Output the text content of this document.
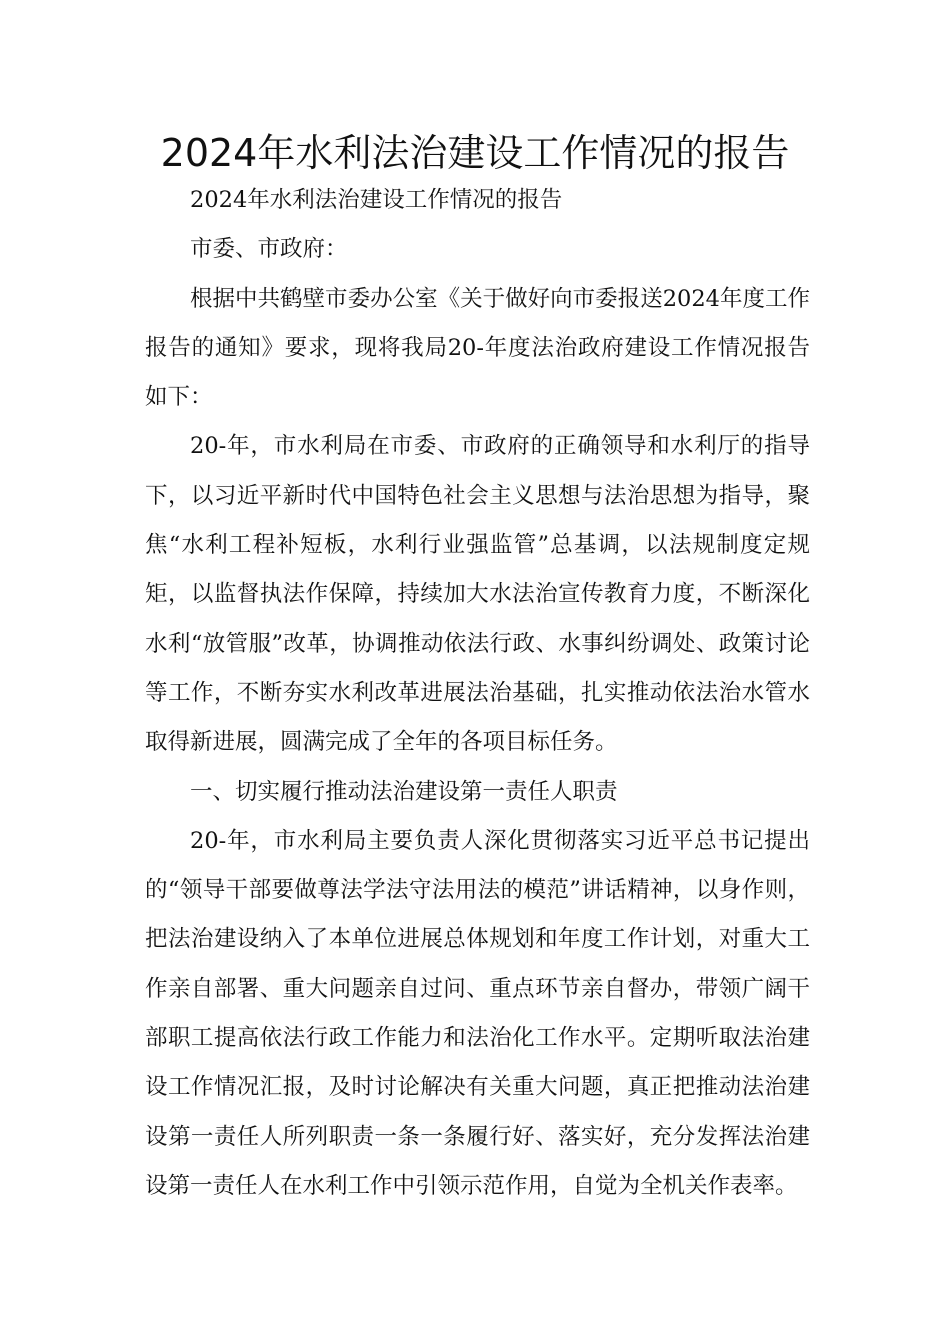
2024年水利法治建设工作情况的报告

2024年水利法治建设工作情况的报告

市委、市政府：

根据中共鹤壁市委办公室《关于做好向市委报送2024年度工作报告的通知》要求，现将我局20-年度法治政府建设工作情况报告如下：

20-年，市水利局在市委、市政府的正确领导和水利厅的指导下，以习近平新时代中国特色社会主义思想与法治思想为指导，聚焦“水利工程补短板，水利行业强监管”总基调，以法规制度定规矩，以监督执法作保障，持续加大水法治宣传教育力度，不断深化水利“放管服”改革，协调推动依法行政、水事纠纷调处、政策讨论等工作，不断夯实水利改革进展法治基础，扎实推动依法治水管水取得新进展，圆满完成了全年的各项目标任务。

一、切实履行推动法治建设第一责任人职责

20-年，市水利局主要负责人深化贯彻落实习近平总书记提出的“领导干部要做尊法学法守法用法的模范”讲话精神，以身作则，把法治建设纳入了本单位进展总体规划和年度工作计划，对重大工作亲自部署、重大问题亲自过问、重点环节亲自督办，带领广阔干部职工提高依法行政工作能力和法治化工作水平。定期听取法治建设工作情况汇报，及时讨论解决有关重大问题，真正把推动法治建设第一责任人所列职责一条一条履行好、落实好，充分发挥法治建设第一责任人在水利工作中引领示范作用，自觉为全机关作表率。
